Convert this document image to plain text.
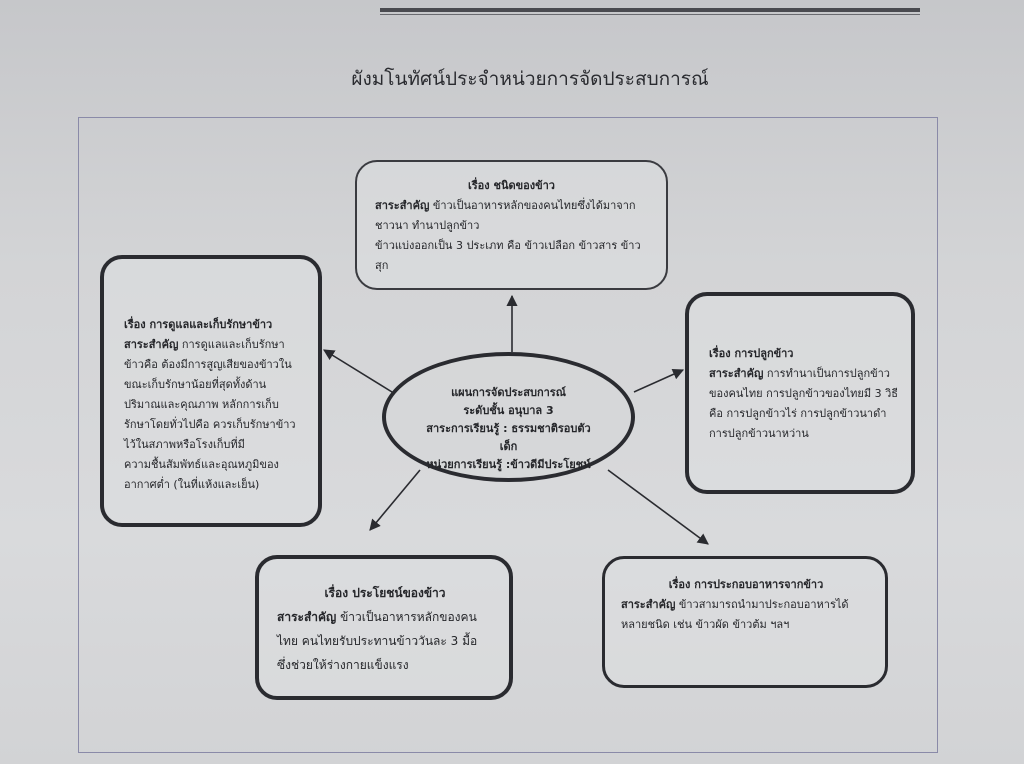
ผังมโนทัศน์ประจำหน่วยการจัดประสบการณ์
เรื่อง ชนิดของข้าว
สาระสำคัญ ข้าวเป็นอาหารหลักของคนไทยซึ่งได้มาจากชาวนา ทำนาปลูกข้าว
ข้าวแบ่งออกเป็น 3 ประเภท คือ ข้าวเปลือก ข้าวสาร ข้าวสุก
เรื่อง การดูแลและเก็บรักษาข้าว
สาระสำคัญ การดูแลและเก็บรักษาข้าวคือ ต้องมีการสูญเสียของข้าวในขณะเก็บรักษาน้อยที่สุดทั้งด้านปริมาณและคุณภาพ หลักการเก็บรักษาโดยทั่วไปคือ ควรเก็บรักษาข้าวไว้ในสภาพหรือโรงเก็บที่มีความชื้นสัมพัทธ์และอุณหภูมิของอากาศต่ำ (ในที่แห้งและเย็น)
เรื่อง การปลูกข้าว
สาระสำคัญ การทำนาเป็นการปลูกข้าวของคนไทย การปลูกข้าวของไทยมี 3 วิธี คือ การปลูกข้าวไร่ การปลูกข้าวนาดำการปลูกข้าวนาหว่าน
เรื่อง ประโยชน์ของข้าว
สาระสำคัญ ข้าวเป็นอาหารหลักของคนไทย คนไทยรับประทานข้าววันละ 3 มื้อ ซึ่งช่วยให้ร่างกายแข็งแรง
เรื่อง การประกอบอาหารจากข้าว
สาระสำคัญ ข้าวสามารถนำมาประกอบอาหารได้หลายชนิด เช่น ข้าวผัด ข้าวต้ม ฯลฯ
แผนการจัดประสบการณ์
ระดับชั้น อนุบาล 3
สาระการเรียนรู้ : ธรรมชาติรอบตัว
เด็ก
หน่วยการเรียนรู้ :ข้าวดีมีประโยชน์
